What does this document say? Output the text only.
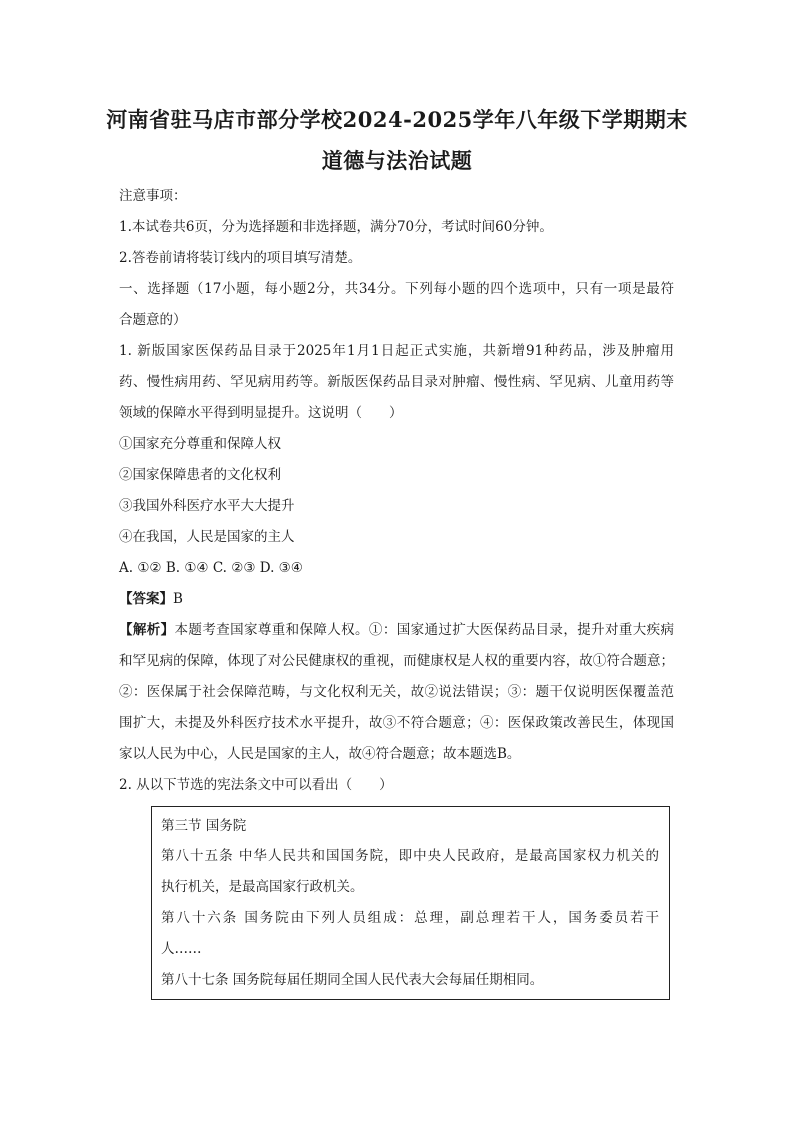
河南省驻马店市部分学校2024-2025学年八年级下学期期末
道德与法治试题
注意事项：
1.本试卷共6页，分为选择题和非选择题，满分70分，考试时间60分钟。
2.答卷前请将装订线内的项目填写清楚。
一、选择题（17小题，每小题2分，共34分。下列每小题的四个选项中，只有一项是最符
合题意的）
1. 新版国家医保药品目录于2025年1月1日起正式实施，共新增91种药品，涉及肿瘤用
药、慢性病用药、罕见病用药等。新版医保药品目录对肿瘤、慢性病、罕见病、儿童用药等
领域的保障水平得到明显提升。这说明（　　）
①国家充分尊重和保障人权
②国家保障患者的文化权利
③我国外科医疗水平大大提升
④在我国，人民是国家的主人
A. ①② B. ①④ C. ②③ D. ③④
【答案】B
【解析】本题考查国家尊重和保障人权。①：国家通过扩大医保药品目录，提升对重大疾病
和罕见病的保障，体现了对公民健康权的重视，而健康权是人权的重要内容，故①符合题意；
②：医保属于社会保障范畴，与文化权利无关，故②说法错误；③：题干仅说明医保覆盖范
围扩大，未提及外科医疗技术水平提升，故③不符合题意；④：医保政策改善民生，体现国
家以人民为中心，人民是国家的主人，故④符合题意；故本题选B。
2. 从以下节选的宪法条文中可以看出（　　）
第三节 国务院
第八十五条 中华人民共和国国务院，即中央人民政府，是最高国家权力机关的
执行机关，是最高国家行政机关。
第八十六条 国务院由下列人员组成：总理，副总理若干人，国务委员若干
人……
第八十七条 国务院每届任期同全国人民代表大会每届任期相同。
